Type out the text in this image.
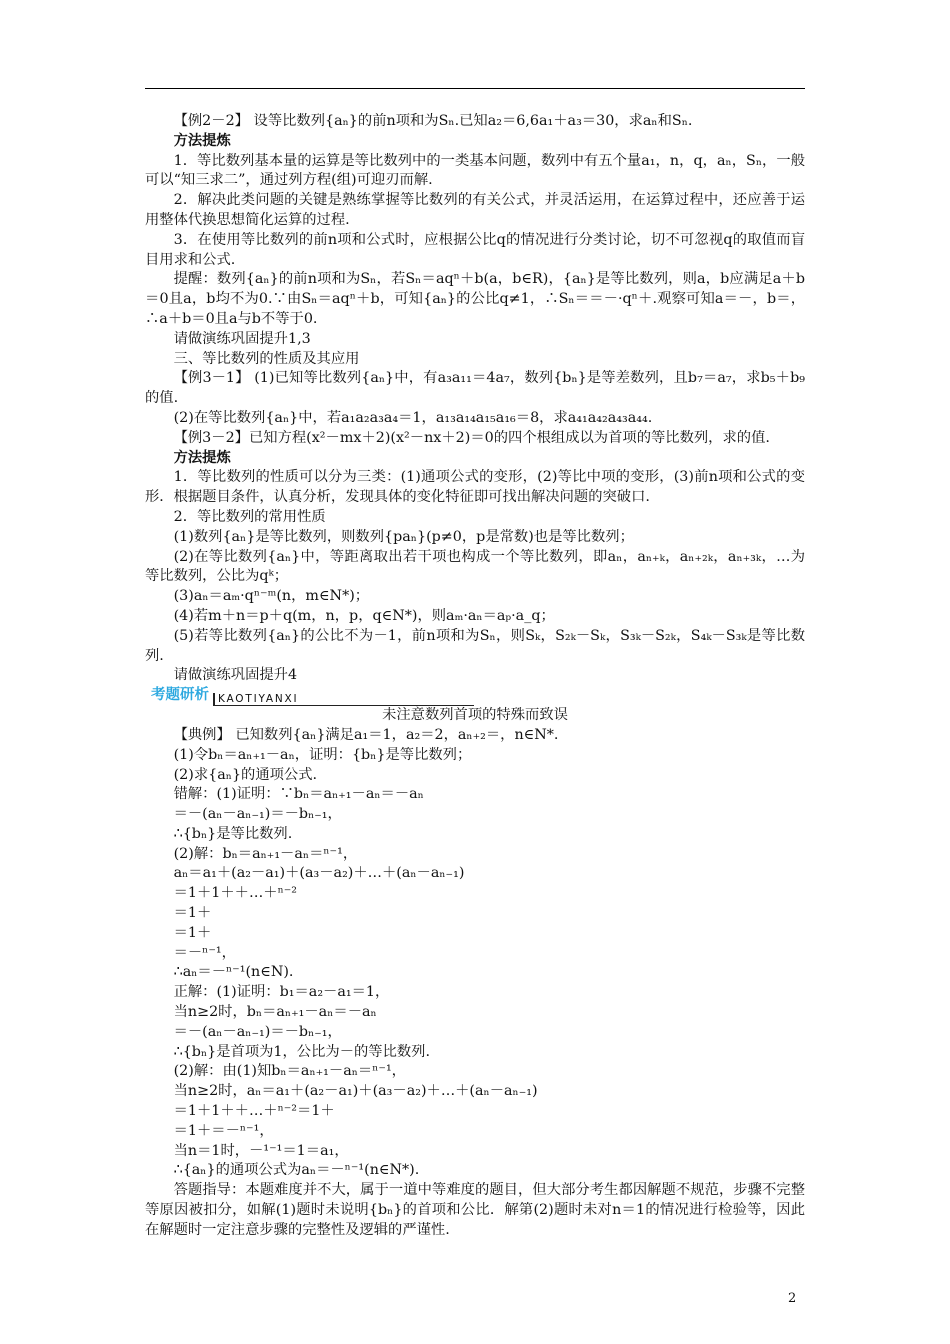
【例2－2】 设等比数列{aₙ}的前n项和为Sₙ.已知a₂＝6,6a₁＋a₃＝30，求aₙ和Sₙ.

方法提炼

1．等比数列基本量的运算是等比数列中的一类基本问题，数列中有五个量a₁，n，q，aₙ，Sₙ，一般可以“知三求二”，通过列方程(组)可迎刃而解.

2．解决此类问题的关键是熟练掌握等比数列的有关公式，并灵活运用，在运算过程中，还应善于运用整体代换思想简化运算的过程.

3．在使用等比数列的前n项和公式时，应根据公比q的情况进行分类讨论，切不可忽视q的取值而盲目用求和公式.

提醒：数列{aₙ}的前n项和为Sₙ，若Sₙ＝aqⁿ＋b(a，b∈R)，{aₙ}是等比数列，则a，b应满足a＋b＝0且a，b均不为0.∵由Sₙ＝aqⁿ＋b，可知{aₙ}的公比q≠1，∴Sₙ＝＝－·qⁿ＋.观察可知a＝－，b＝，∴a＋b＝0且a与b不等于0.

请做演练巩固提升1,3

三、等比数列的性质及其应用

【例3－1】 (1)已知等比数列{aₙ}中，有a₃a₁₁＝4a₇，数列{bₙ}是等差数列，且b₇＝a₇，求b₅＋b₉的值.

(2)在等比数列{aₙ}中，若a₁a₂a₃a₄＝1，a₁₃a₁₄a₁₅a₁₆＝8，求a₄₁a₄₂a₄₃a₄₄.

【例3－2】已知方程(x²－mx＋2)(x²－nx＋2)＝0的四个根组成以为首项的等比数列，求的值.

方法提炼

1．等比数列的性质可以分为三类：(1)通项公式的变形，(2)等比中项的变形，(3)前n项和公式的变形．根据题目条件，认真分析，发现具体的变化特征即可找出解决问题的突破口.

2．等比数列的常用性质

(1)数列{aₙ}是等比数列，则数列{paₙ}(p≠0，p是常数)也是等比数列；

(2)在等比数列{aₙ}中，等距离取出若干项也构成一个等比数列，即aₙ，aₙ₊ₖ，aₙ₊₂ₖ，aₙ₊₃ₖ，…为等比数列，公比为qᵏ；

(3)aₙ＝aₘ·qⁿ⁻ᵐ(n，m∈N*)；

(4)若m＋n＝p＋q(m，n，p，q∈N*)，则aₘ·aₙ＝aₚ·a_q；

(5)若等比数列{aₙ}的公比不为－1，前n项和为Sₙ，则Sₖ，S₂ₖ－Sₖ，S₃ₖ－S₂ₖ，S₄ₖ－S₃ₖ是等比数列.

请做演练巩固提升4

考题研析 KAOTIYANXI

未注意数列首项的特殊而致误

【典例】 已知数列{aₙ}满足a₁＝1，a₂＝2，aₙ₊₂＝，n∈N*.

(1)令bₙ＝aₙ₊₁－aₙ，证明：{bₙ}是等比数列；

(2)求{aₙ}的通项公式.

错解：(1)证明：∵bₙ＝aₙ₊₁－aₙ＝－aₙ

＝－(aₙ－aₙ₋₁)＝－bₙ₋₁，

∴{bₙ}是等比数列.

(2)解：bₙ＝aₙ₊₁－aₙ＝ⁿ⁻¹，

aₙ＝a₁＋(a₂－a₁)＋(a₃－a₂)＋…＋(aₙ－aₙ₋₁)

＝1＋1＋＋…＋ⁿ⁻²

＝1＋

＝1＋

＝－ⁿ⁻¹，

∴aₙ＝－ⁿ⁻¹(n∈N).

正解：(1)证明：b₁＝a₂－a₁＝1，

当n≥2时，bₙ＝aₙ₊₁－aₙ＝－aₙ

＝－(aₙ－aₙ₋₁)＝－bₙ₋₁，

∴{bₙ}是首项为1，公比为－的等比数列.

(2)解：由(1)知bₙ＝aₙ₊₁－aₙ＝ⁿ⁻¹，

当n≥2时，aₙ＝a₁＋(a₂－a₁)＋(a₃－a₂)＋…＋(aₙ－aₙ₋₁)

＝1＋1＋＋…＋ⁿ⁻²＝1＋

＝1＋＝－ⁿ⁻¹，

当n＝1时，－¹⁻¹＝1＝a₁，

∴{aₙ}的通项公式为aₙ＝－ⁿ⁻¹(n∈N*).

答题指导：本题难度并不大，属于一道中等难度的题目，但大部分考生都因解题不规范，步骤不完整等原因被扣分，如解(1)题时未说明{bₙ}的首项和公比．解第(2)题时未对n＝1的情况进行检验等，因此在解题时一定注意步骤的完整性及逻辑的严谨性.

2
